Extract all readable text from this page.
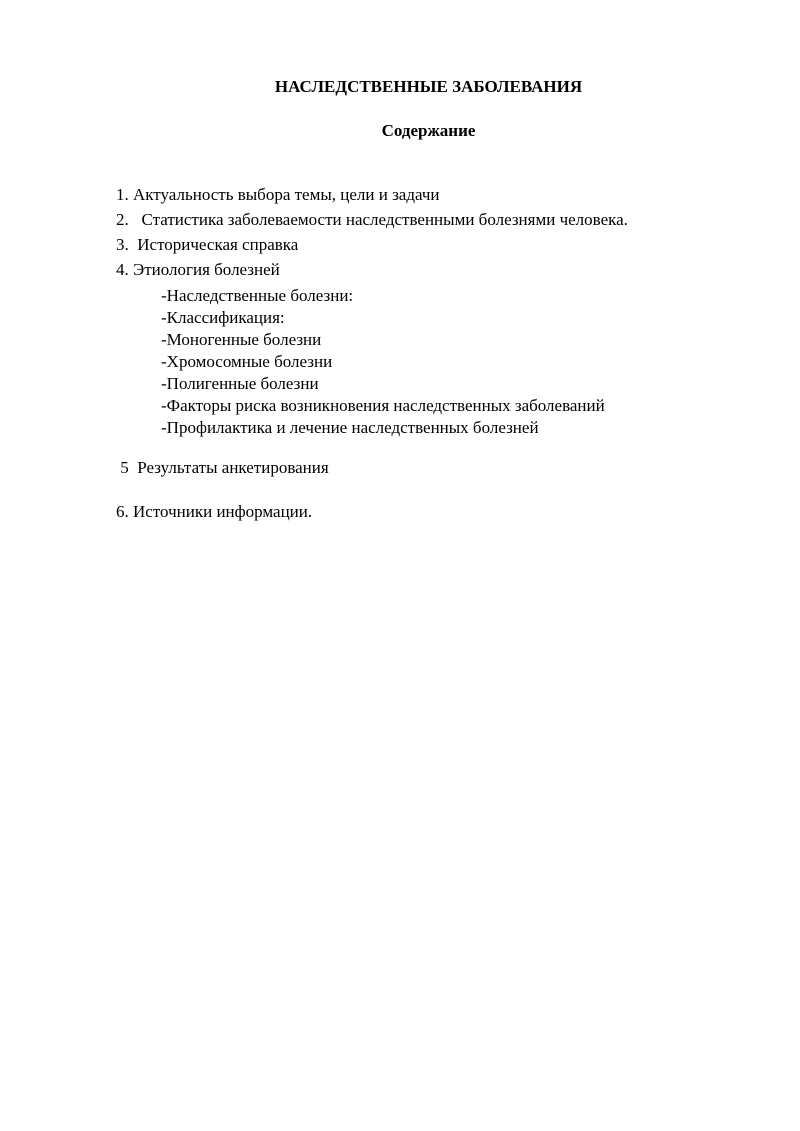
НАСЛЕДСТВЕННЫЕ ЗАБОЛЕВАНИЯ
Содержание
1. Актуальность выбора темы, цели и задачи
2.   Статистика заболеваемости наследственными болезнями человека.
3.  Историческая справка
4. Этиология болезней
-Наследственные болезни:
-Классификация:
-Моногенные болезни
-Хромосомные болезни
-Полигенные болезни
-Факторы риска возникновения наследственных заболеваний
-Профилактика и лечение наследственных болезней
5  Результаты анкетирования
6. Источники информации.
